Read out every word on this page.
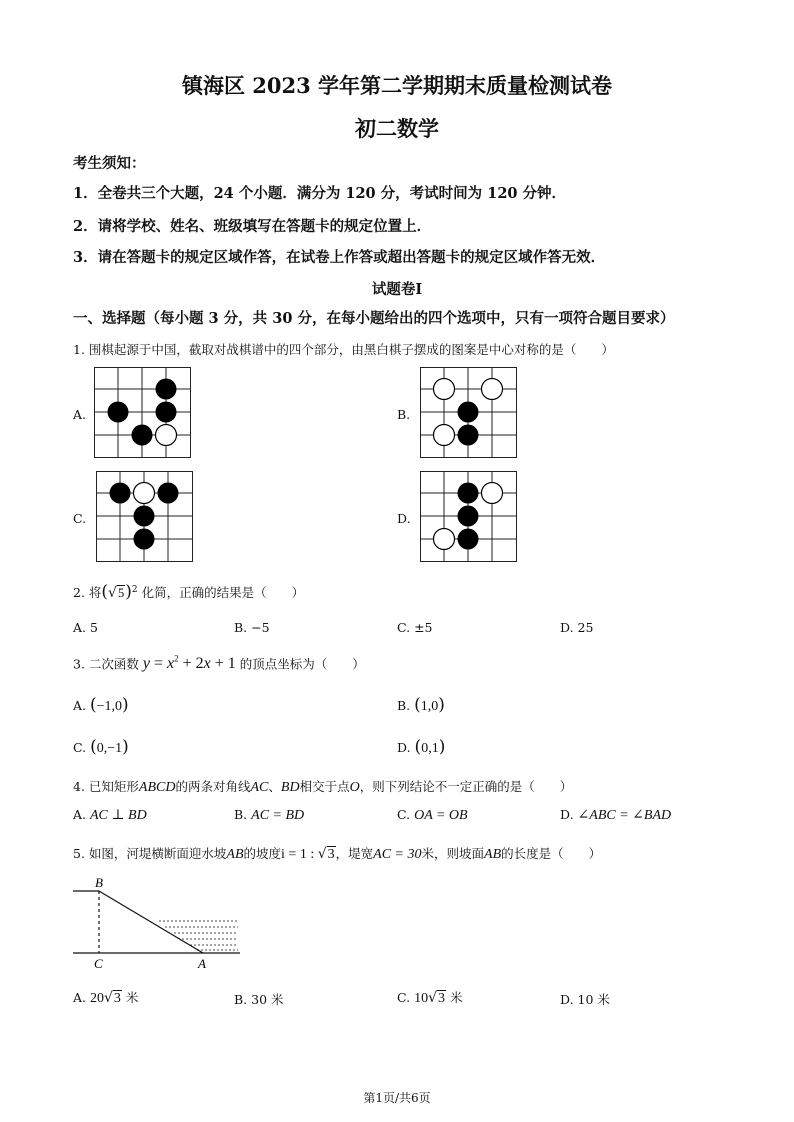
镇海区 2023 学年第二学期期末质量检测试卷
初二数学
考生须知：
1．全卷共三个大题，24 个小题．满分为 120 分，考试时间为 120 分钟．
2．请将学校、姓名、班级填写在答题卡的规定位置上．
3．请在答题卡的规定区域作答，在试卷上作答或超出答题卡的规定区域作答无效．
试题卷Ⅰ
一、选择题（每小题 3 分，共 30 分，在每小题给出的四个选项中，只有一项符合题目要求）
1. 围棋起源于中国，截取对战棋谱中的四个部分，由黑白棋子摆成的图案是中心对称的是（　　）
A.	B.
C.	D.
2. 将$(√5)^2$ 化简，正确的结果是（　　）
A. 5	B. −5	C. ±5	D. 25
3. 二次函数 $y = x^2 + 2x + 1$ 的顶点坐标为（　　）
A. (−1,0)	B. (1,0)
C. (0,−1)	D. (0,1)
4. 已知矩形ABCD的两条对角线AC、BD相交于点O，则下列结论不一定正确的是（　　）
A. AC ⊥ BD	B. AC = BD	C. OA = OB	D. ∠ABC = ∠BAD
5. 如图，河堤横断面迎水坡AB的坡度i = 1 : √3，堤宽AC = 30米，则坡面AB的长度是（　　）
B
C	A
A. 20√3 米	B. 30 米	C. 10√3 米	D. 10 米
第1页/共6页
